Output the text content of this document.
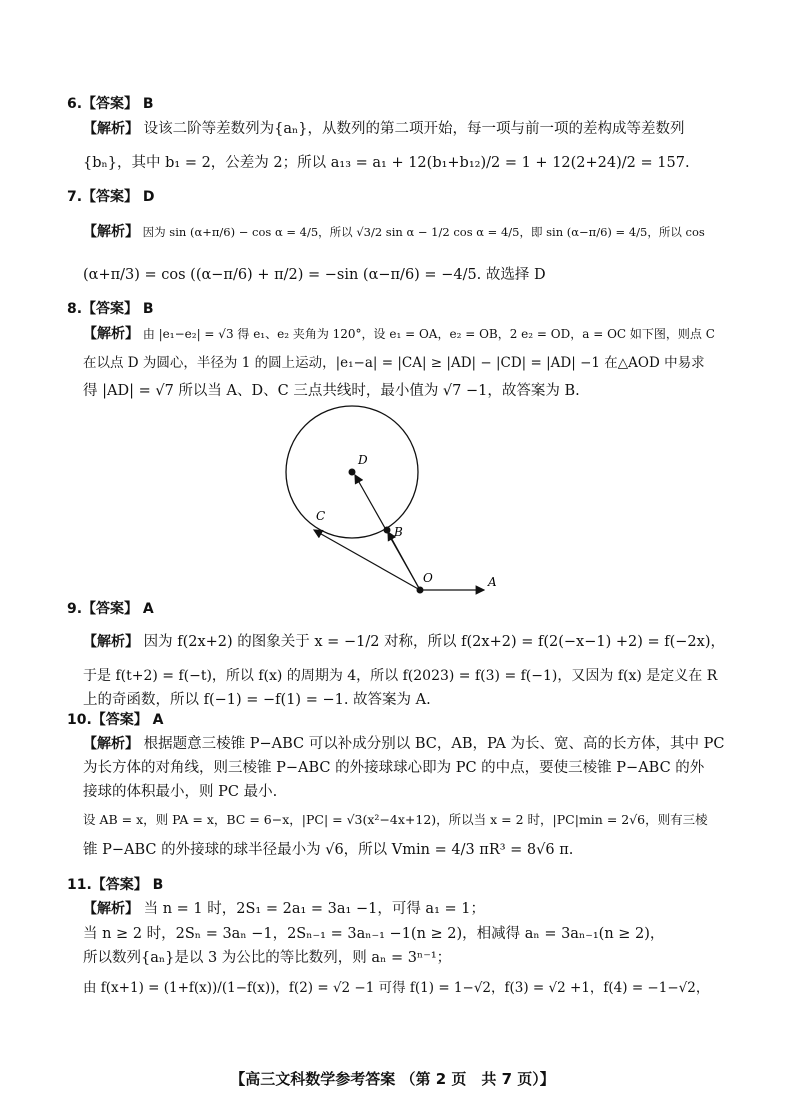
6.【答案】 B
【解析】 设该二阶等差数列为{aₙ}，从数列的第二项开始，每一项与前一项的差构成等差数列
{bₙ}，其中 b₁ = 2，公差为 2；所以 a₁₃ = a₁ + 12(b₁+b₁₂)/2 = 1 + 12(2+24)/2 = 157.
7.【答案】 D
【解析】 因为 sin (α+π/6) − cos α = 4/5，所以 √3/2 sin α − 1/2 cos α = 4/5，即 sin (α−π/6) = 4/5，所以 cos
(α+π/3) = cos ((α−π/6) + π/2) = −sin (α−π/6) = −4/5. 故选择 D
8.【答案】 B
【解析】 由 |e₁−e₂| = √3 得 e₁、e₂ 夹角为 120°，设 e₁ = OA，e₂ = OB，2 e₂ = OD，a = OC 如下图，则点 C
在以点 D 为圆心，半径为 1 的圆上运动，|e₁−a| = |CA| ≥ |AD| − |CD| = |AD| −1 在△AOD 中易求
得 |AD| = √7 所以当 A、D、C 三点共线时，最小值为 √7 −1，故答案为 B.
D
C
B
O	A
9.【答案】 A
【解析】 因为 f(2x+2) 的图象关于 x = −1/2 对称，所以 f(2x+2) = f(2(−x−1) +2) = f(−2x)，
于是 f(t+2) = f(−t)，所以 f(x) 的周期为 4，所以 f(2023) = f(3) = f(−1)，又因为 f(x) 是定义在 R
上的奇函数，所以 f(−1) = −f(1) = −1. 故答案为 A.
10.【答案】 A
【解析】 根据题意三棱锥 P−ABC 可以补成分别以 BC，AB，PA 为长、宽、高的长方体，其中 PC
为长方体的对角线，则三棱锥 P−ABC 的外接球球心即为 PC 的中点，要使三棱锥 P−ABC 的外
接球的体积最小，则 PC 最小.
设 AB = x，则 PA = x，BC = 6−x，|PC| = √3(x²−4x+12)，所以当 x = 2 时，|PC|min = 2√6，则有三棱
锥 P−ABC 的外接球的球半径最小为 √6，所以 Vmin = 4/3 πR³ = 8√6 π.
11.【答案】 B
【解析】 当 n = 1 时，2S₁ = 2a₁ = 3a₁ −1，可得 a₁ = 1；
当 n ≥ 2 时，2Sₙ = 3aₙ −1，2Sₙ₋₁ = 3aₙ₋₁ −1(n ≥ 2)，相减得 aₙ = 3aₙ₋₁(n ≥ 2)，
所以数列{aₙ}是以 3 为公比的等比数列，则 aₙ = 3ⁿ⁻¹；
由 f(x+1) = (1+f(x))/(1−f(x))，f(2) = √2 −1 可得 f(1) = 1−√2，f(3) = √2 +1，f(4) = −1−√2，
【高三文科数学参考答案 （第 2 页　共 7 页）】
